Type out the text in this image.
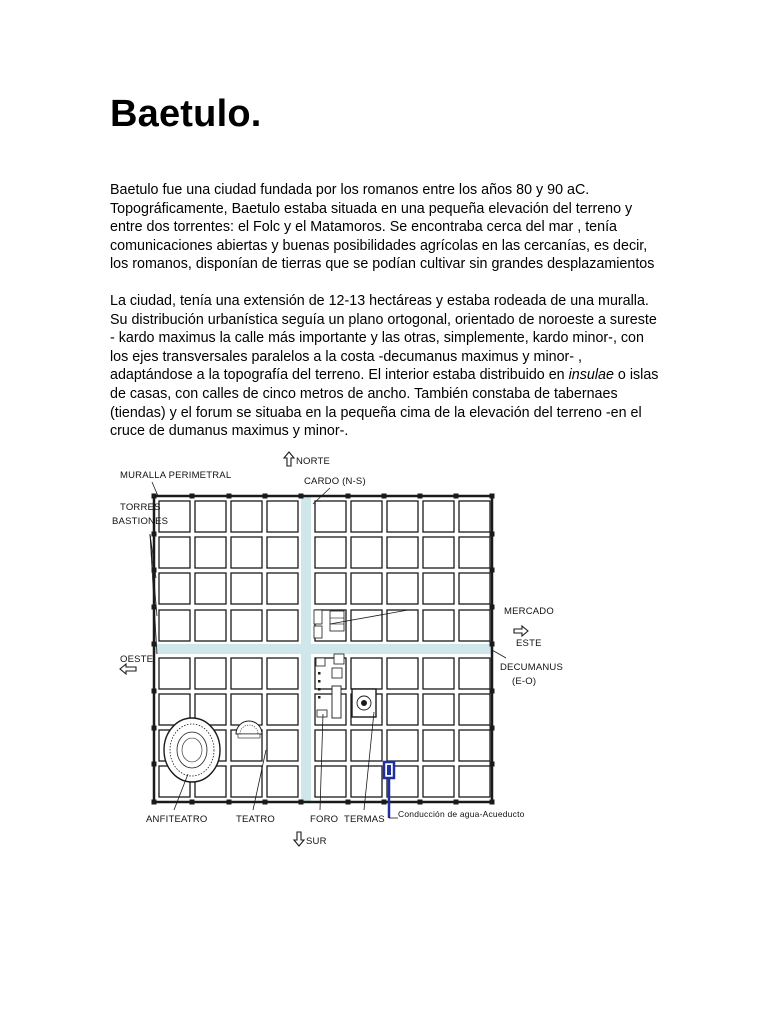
Baetulo.

Baetulo fue una ciudad fundada por los romanos entre los años 80 y 90 aC.
Topográficamente, Baetulo estaba situada en una pequeña elevación del terreno y
entre dos torrentes: el Folc y el Matamoros. Se encontraba cerca del mar , tenía
comunicaciones abiertas y buenas posibilidades agrícolas en las cercanías, es decir,
los romanos, disponían de tierras que se podían cultivar sin grandes desplazamientos

La ciudad, tenía una extensión de 12-13 hectáreas y estaba rodeada de una muralla.
Su distribución urbanística seguía un plano ortogonal, orientado de noroeste a sureste
- kardo maximus la calle más importante y las otras, simplemente, kardo minor-, con
los ejes transversales paralelos a la costa -decumanus maximus y minor- ,
adaptándose a la topografía del terreno. El interior estaba distribuido en insulae o islas
de casas, con calles de cinco metros de ancho. También constaba de tabernaes
(tiendas) y el forum se situaba en la pequeña cima de la elevación del terreno -en el
cruce de dumanus maximus y minor-.

MURALLA PERIMETRAL
NORTE
CARDO (N-S)
TORRES
BASTIONES
MERCADO
ESTE
OESTE
DECUMANUS
(E-O)
ANFITEATRO	TEATRO	FORO TERMAS Conducción de agua-Acueducto
SUR
